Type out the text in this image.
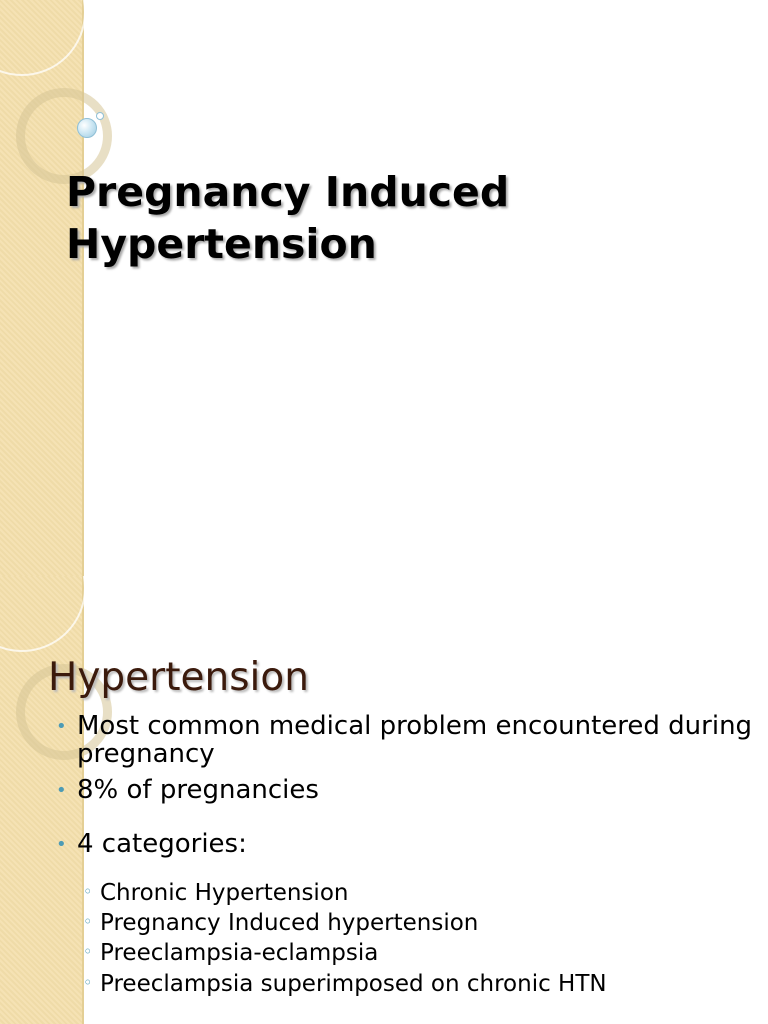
Pregnancy Induced Hypertension
Hypertension
• Most common medical problem encountered during pregnancy
• 8% of pregnancies
• 4 categories:
◦ Chronic Hypertension
◦ Pregnancy Induced hypertension
◦ Preeclampsia-eclampsia
◦ Preeclampsia superimposed on chronic HTN
